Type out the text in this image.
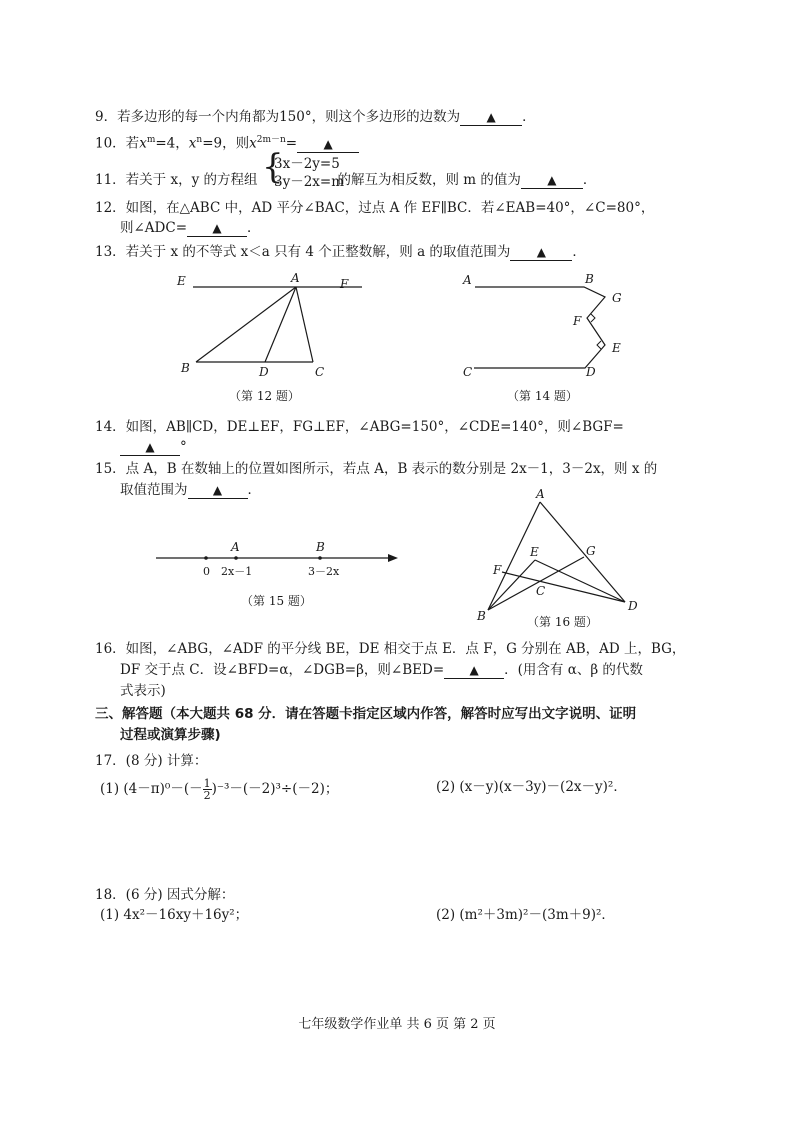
9．若多边形的每一个内角都为150°，则这个多边形的边数为 ▲ ．
10．若$x^m=4$，$x^n=9$，则$x^{2m-n}=$ ▲
11．若关于 x，y 的方程组	的解互为相反数，则 m 的值为 ▲ ．
{
3x－2y=5
3y－2x=m
12．如图，在△ABC 中，AD 平分∠BAC，过点 A 作 EF∥BC．若∠EAB=40°，∠C=80°，
则∠ADC= ▲ ．
13．若关于 x 的不等式 x＜a 只有 4 个正整数解，则 a 的取值范围为 ▲ ．
E	A	F
B	D	C
（第 12 题）
A	B
G
F
E
C	D
（第 14 题）
14．如图，AB∥CD，DE⊥EF，FG⊥EF，∠ABG=150°，∠CDE=140°，则∠BGF=
▲ °
15．点 A，B 在数轴上的位置如图所示，若点 A，B 表示的数分别是 2x－1，3－2x，则 x 的
取值范围为 ▲ ．
A	B
0 2x－1	3－2x
（第 15 题）
A
E	G
F
C
B
D
（第 16 题）
16．如图，∠ABG，∠ADF 的平分线 BE，DE 相交于点 E．点 F，G 分别在 AB，AD 上，BG，
DF 交于点 C．设∠BFD=α，∠DGB=β，则∠BED= ▲ ．(用含有 α、β 的代数
式表示)
三、解答题（本大题共 68 分．请在答题卡指定区域内作答，解答时应写出文字说明、证明
过程或演算步骤)
17．(8 分) 计算：
(1) $(4-\pi)^0-(- \frac{1}{2} )^{-3}-(-2)^3\div(-2)$；	(2) (x－y)(x－3y)－(2x－y)²．
18．(6 分) 因式分解：
(1) 4x²－16xy＋16y²；	(2) (m²＋3m)²－(3m＋9)²．
七年级数学作业单 共 6 页 第 2 页
